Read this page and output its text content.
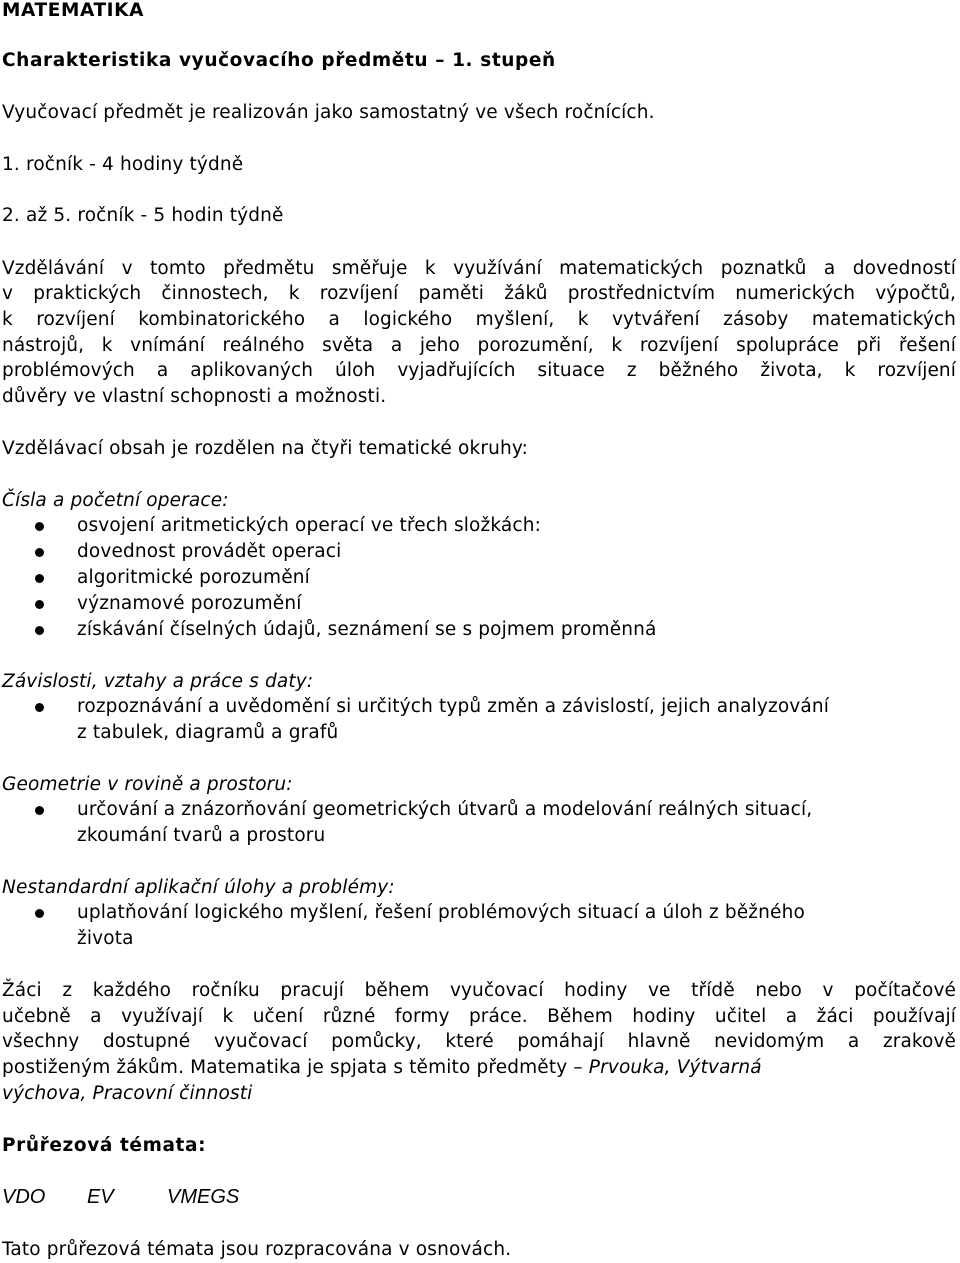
MATEMATIKA
Charakteristika vyučovacího předmětu – 1. stupeň
Vyučovací předmět je realizován jako samostatný ve všech ročnících.
1. ročník - 4 hodiny týdně
2. až 5. ročník - 5 hodin týdně
Vzdělávání v tomto předmětu směřuje k využívání matematických poznatků a dovedností
v praktických činnostech, k rozvíjení paměti žáků prostřednictvím numerických výpočtů,
k rozvíjení kombinatorického a logického myšlení, k vytváření zásoby matematických
nástrojů, k vnímání reálného světa a jeho porozumění, k rozvíjení spolupráce při řešení
problémových a aplikovaných úloh vyjadřujících situace z běžného života, k rozvíjení
důvěry ve vlastní schopnosti a možnosti.
Vzdělávací obsah je rozdělen na čtyři tematické okruhy:
Čísla a početní operace:
osvojení aritmetických operací ve třech složkách:
dovednost provádět operaci
algoritmické porozumění
významové porozumění
získávání číselných údajů, seznámení se s pojmem proměnná
Závislosti, vztahy a práce s daty:
rozpoznávání a uvědomění si určitých typů změn a závislostí, jejich analyzování
z tabulek, diagramů a grafů
Geometrie v rovině a prostoru:
určování a znázorňování geometrických útvarů a modelování reálných situací,
zkoumání tvarů a prostoru
Nestandardní aplikační úlohy a problémy:
uplatňování logického myšlení, řešení problémových situací a úloh z běžného
života
Žáci z každého ročníku pracují během vyučovací hodiny ve třídě nebo v počítačové
učebně a využívají k učení různé formy práce. Během hodiny učitel a žáci používají
všechny dostupné vyučovací pomůcky, které pomáhají hlavně nevidomým a zrakově
postiženým žákům. Matematika je spjata s těmito předměty – Prvouka, Výtvarná
výchova, Pracovní činnosti
Průřezová témata:
VDO EV	VMEGS
Tato průřezová témata jsou rozpracována v osnovách.
